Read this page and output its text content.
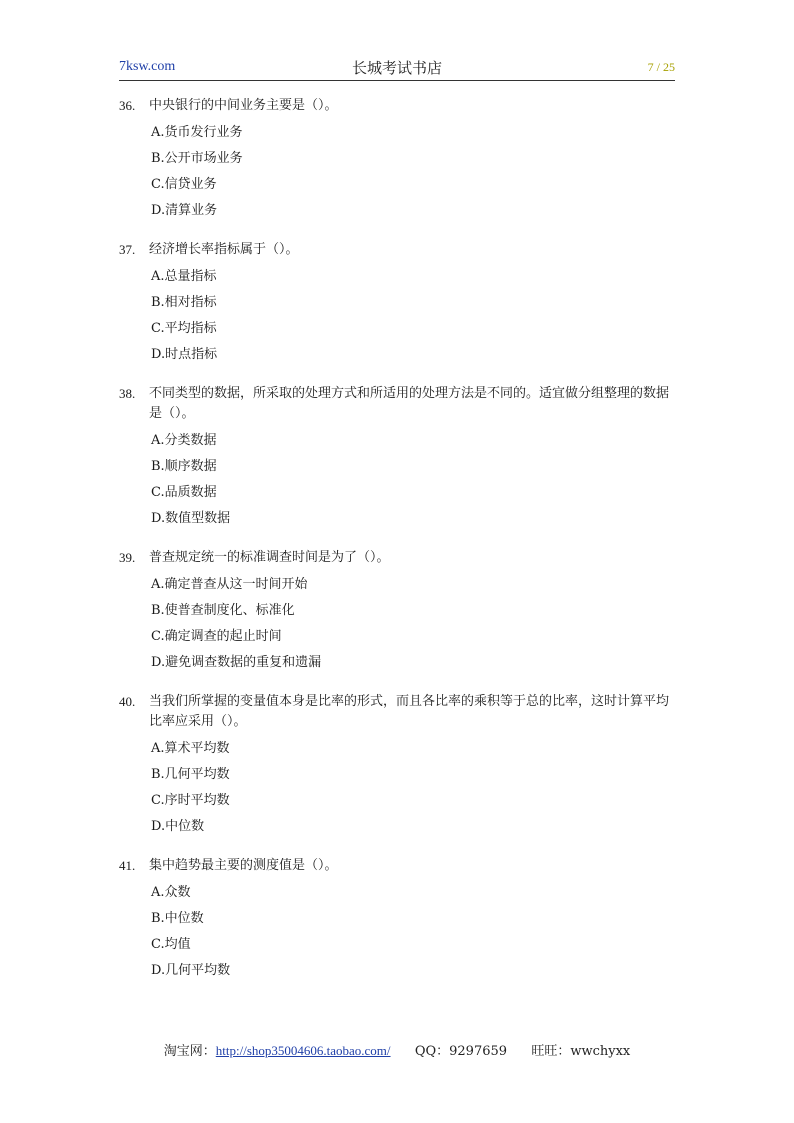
7ksw.com	长城考试书店	7 / 25
36.	中央银行的中间业务主要是（）。
A.货币发行业务
B.公开市场业务
C.信贷业务
D.清算业务
37.	经济增长率指标属于（）。
A.总量指标
B.相对指标
C.平均指标
D.时点指标
38.	不同类型的数据，所采取的处理方式和所适用的处理方法是不同的。适宜做分组整理的数据是（）。
A.分类数据
B.顺序数据
C.品质数据
D.数值型数据
39.	普查规定统一的标准调查时间是为了（）。
A.确定普查从这一时间开始
B.使普查制度化、标准化
C.确定调查的起止时间
D.避免调查数据的重复和遗漏
40.	当我们所掌握的变量值本身是比率的形式，而且各比率的乘积等于总的比率，这时计算平均比率应采用（）。
A.算术平均数
B.几何平均数
C.序时平均数
D.中位数
41.	集中趋势最主要的测度值是（）。
A.众数
B.中位数
C.均值
D.几何平均数
淘宝网：http://shop35004606.taobao.com/ QQ：9297659 旺旺：wwchyxx
